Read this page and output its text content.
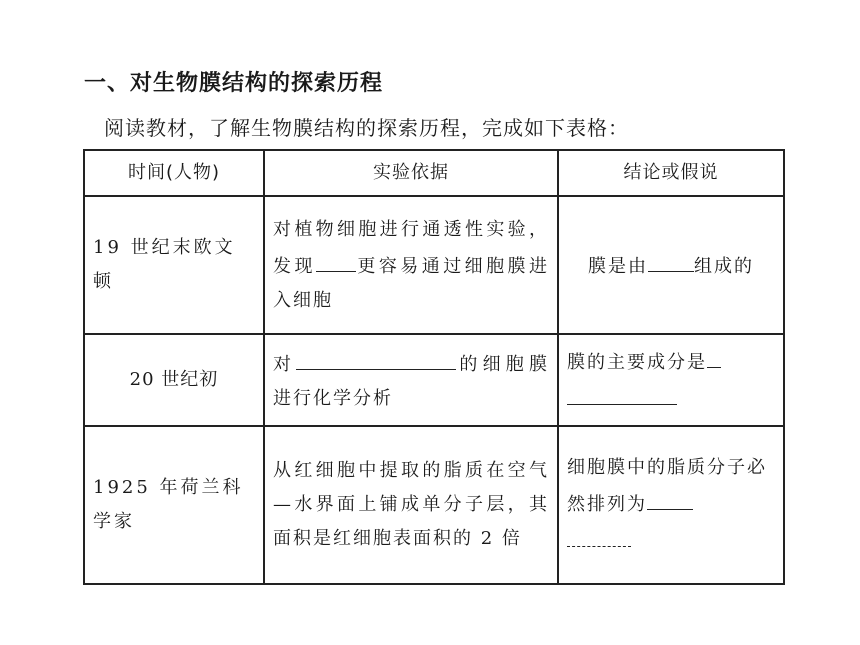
一、对生物膜结构的探索历程
阅读教材，了解生物膜结构的探索历程，完成如下表格：
时间(人物)	实验依据	结论或假说
19 世纪末欧文顿	对植物细胞进行通透性实验，发现 更容易通过细胞膜进入细胞	膜是由 组成的
20 世纪初	对 的细胞膜进行化学分析	膜的主要成分是

1925 年荷兰科学家	从红细胞中提取的脂质在空气—水界面上铺成单分子层，其面积是红细胞表面积的 2 倍	细胞膜中的脂质分子必然排列为
